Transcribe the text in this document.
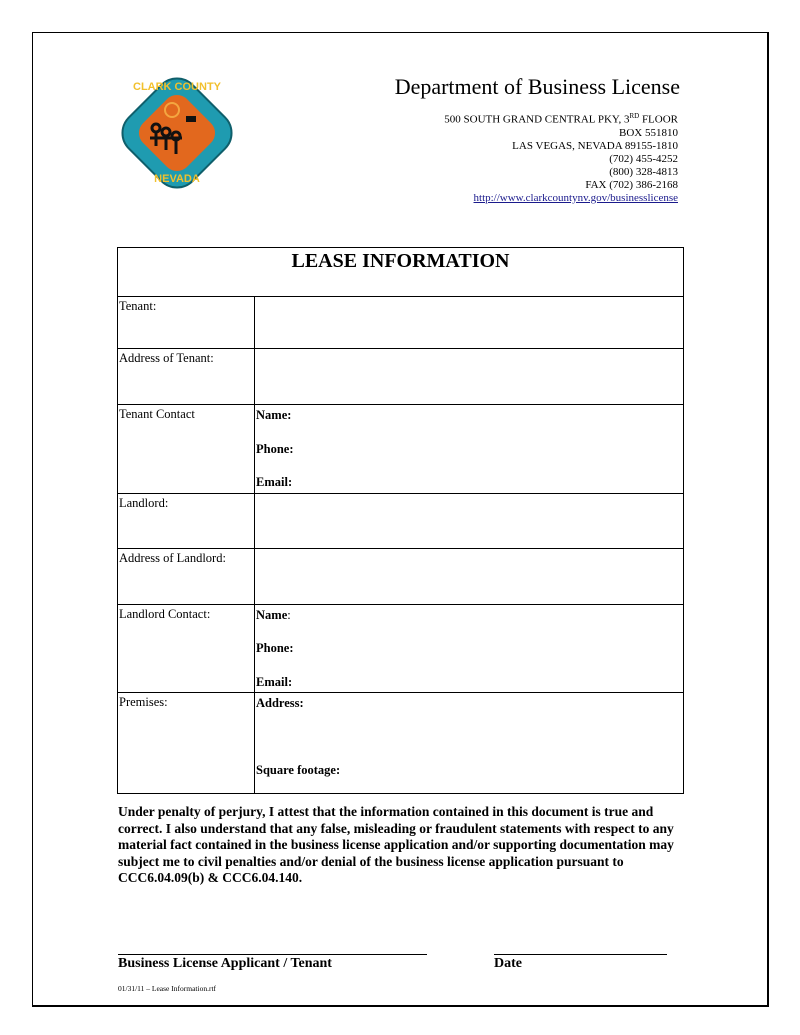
CLARK COUNTY
NEVADA
Department of Business License
500 SOUTH GRAND CENTRAL PKY, 3RD FLOOR
BOX 551810
LAS VEGAS, NEVADA 89155-1810
(702) 455-4252
(800) 328-4813
FAX (702) 386-2168
http://www.clarkcountynv.gov/businesslicense
LEASE INFORMATION	
Tenant:	
Address of Tenant:	
Tenant Contact	Name:
Phone:
Email:

Landlord:	
Address of Landlord:	
Landlord Contact:	Name:
Phone:
Email:

Premises:	Address:
Square footage:
Under penalty of perjury, I attest that the information contained in this document is true and correct. I also understand that any false, misleading or fraudulent statements with respect to any material fact contained in the business license application and/or supporting documentation may subject me to civil penalties and/or denial of the business license application pursuant to CCC6.04.09(b) & CCC6.04.140.
Business License Applicant / Tenant	Date
01/31/11 – Lease Information.rtf
